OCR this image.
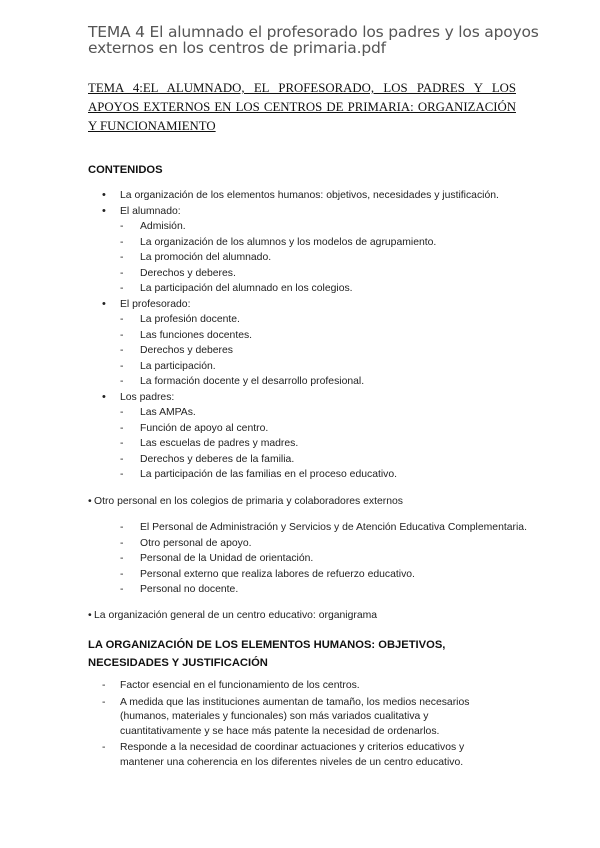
TEMA 4 El alumnado el profesorado los padres y los apoyos externos en los centros de primaria.pdf
TEMA 4:EL ALUMNADO, EL PROFESORADO, LOS PADRES Y LOS APOYOS EXTERNOS EN LOS CENTROS DE PRIMARIA: ORGANIZACIÓN Y FUNCIONAMIENTO
CONTENIDOS
• La organización de los elementos humanos: objetivos, necesidades y justificación.
• El alumnado:
- Admisión.
- La organización de los alumnos y los modelos de agrupamiento.
- La promoción del alumnado.
- Derechos y deberes.
- La participación del alumnado en los colegios.
• El profesorado:
- La profesión docente.
- Las funciones docentes.
- Derechos y deberes
- La participación.
- La formación docente y el desarrollo profesional.
• Los padres:
- Las AMPAs.
- Función de apoyo al centro.
- Las escuelas de padres y madres.
- Derechos y deberes de la familia.
- La participación de las familias en el proceso educativo.
• Otro personal en los colegios de primaria y colaboradores externos
- El Personal de Administración y Servicios y de Atención Educativa Complementaria.
- Otro personal de apoyo.
- Personal de la Unidad de orientación.
- Personal externo que realiza labores de refuerzo educativo.
- Personal no docente.
• La organización general de un centro educativo: organigrama
LA ORGANIZACIÓN DE LOS ELEMENTOS HUMANOS: OBJETIVOS, NECESIDADES Y JUSTIFICACIÓN
- Factor esencial en el funcionamiento de los centros.
- A medida que las instituciones aumentan de tamaño, los medios necesarios (humanos, materiales y funcionales) son más variados cualitativa y cuantitativamente y se hace más patente la necesidad de ordenarlos.
- Responde a la necesidad de coordinar actuaciones y criterios educativos y mantener una coherencia en los diferentes niveles de un centro educativo.
